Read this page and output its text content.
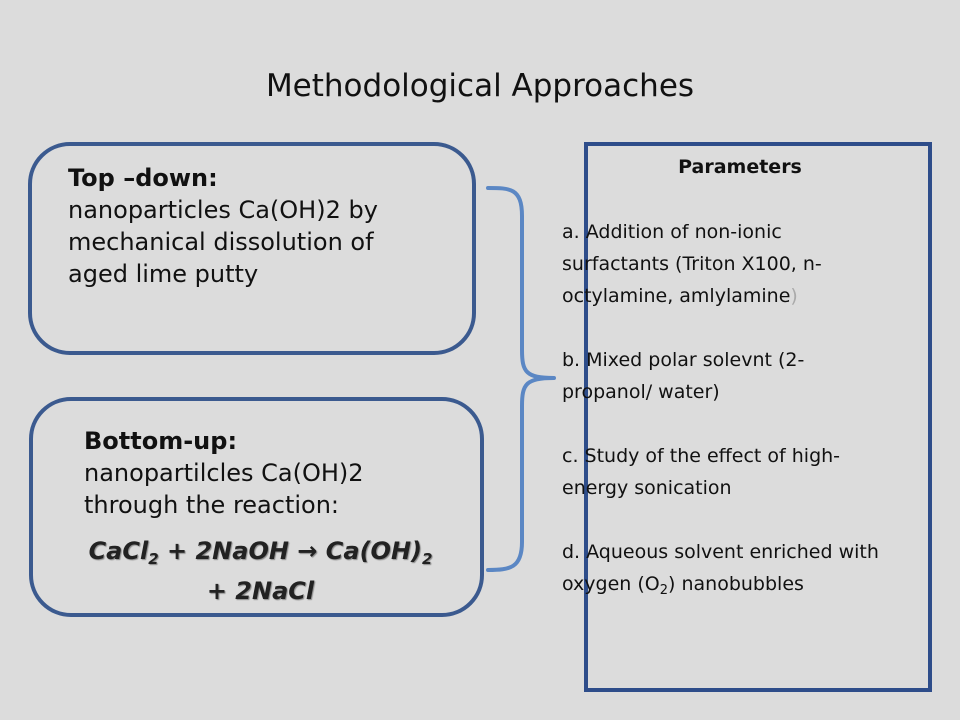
Methodological Approaches
Top –down:
nanoparticles Ca(OH)2 by mechanical dissolution of aged lime putty
Bottom-up:
nanopartilcles Ca(OH)2 through the reaction:
CaCl$_2$ + 2NaOH → $Ca(OH)_2$
+ 2NaCl
Parameters
a. Addition of non-ionic surfactants (Triton X100, n-octylamine, amlylamine)
b. Mixed polar solevnt (2-propanol/ water)
c. Study of the effect of high-energy sonication
d. Aqueous solvent enriched with oxygen $(O_2)$ nanobubbles
